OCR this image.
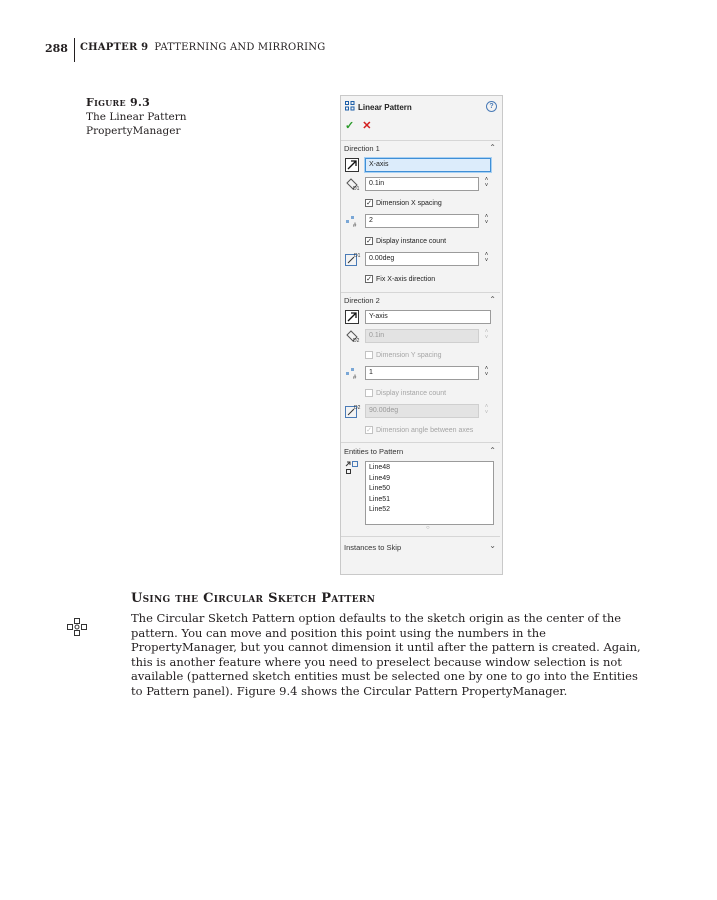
288 CHAPTER 9 PATTERNING AND MIRRORING
Figure 9.3
The Linear Pattern PropertyManager
Linear Pattern	?
✓ ✕
Direction 1	⌃
X-axis
D1
0.1in	˄
˅
✓ Dimension X spacing
#
2	˄
˅
✓ Display instance count
D1	0.00deg	˄
˅
✓ Fix X-axis direction
Direction 2	⌃
Y-axis
D2
0.1in	˄
˅
Dimension Y spacing
#
1	˄
˅
Display instance count
D2	90.00deg	˄
˅
✓ Dimension angle between axes
Entities to Pattern	⌃
Line48
Line49
Line50
Line51
Line52
○
Instances to Skip	⌄
Using the Circular Sketch Pattern
The Circular Sketch Pattern option defaults to the sketch origin as the center of the pattern. You can move and position this point using the numbers in the PropertyManager, but you cannot dimension it until after the pattern is created. Again, this is another feature where you need to preselect because window selection is not available (patterned sketch entities must be selected one by one to go into the Entities to Pattern panel). Figure 9.4 shows the Circular Pattern PropertyManager.
